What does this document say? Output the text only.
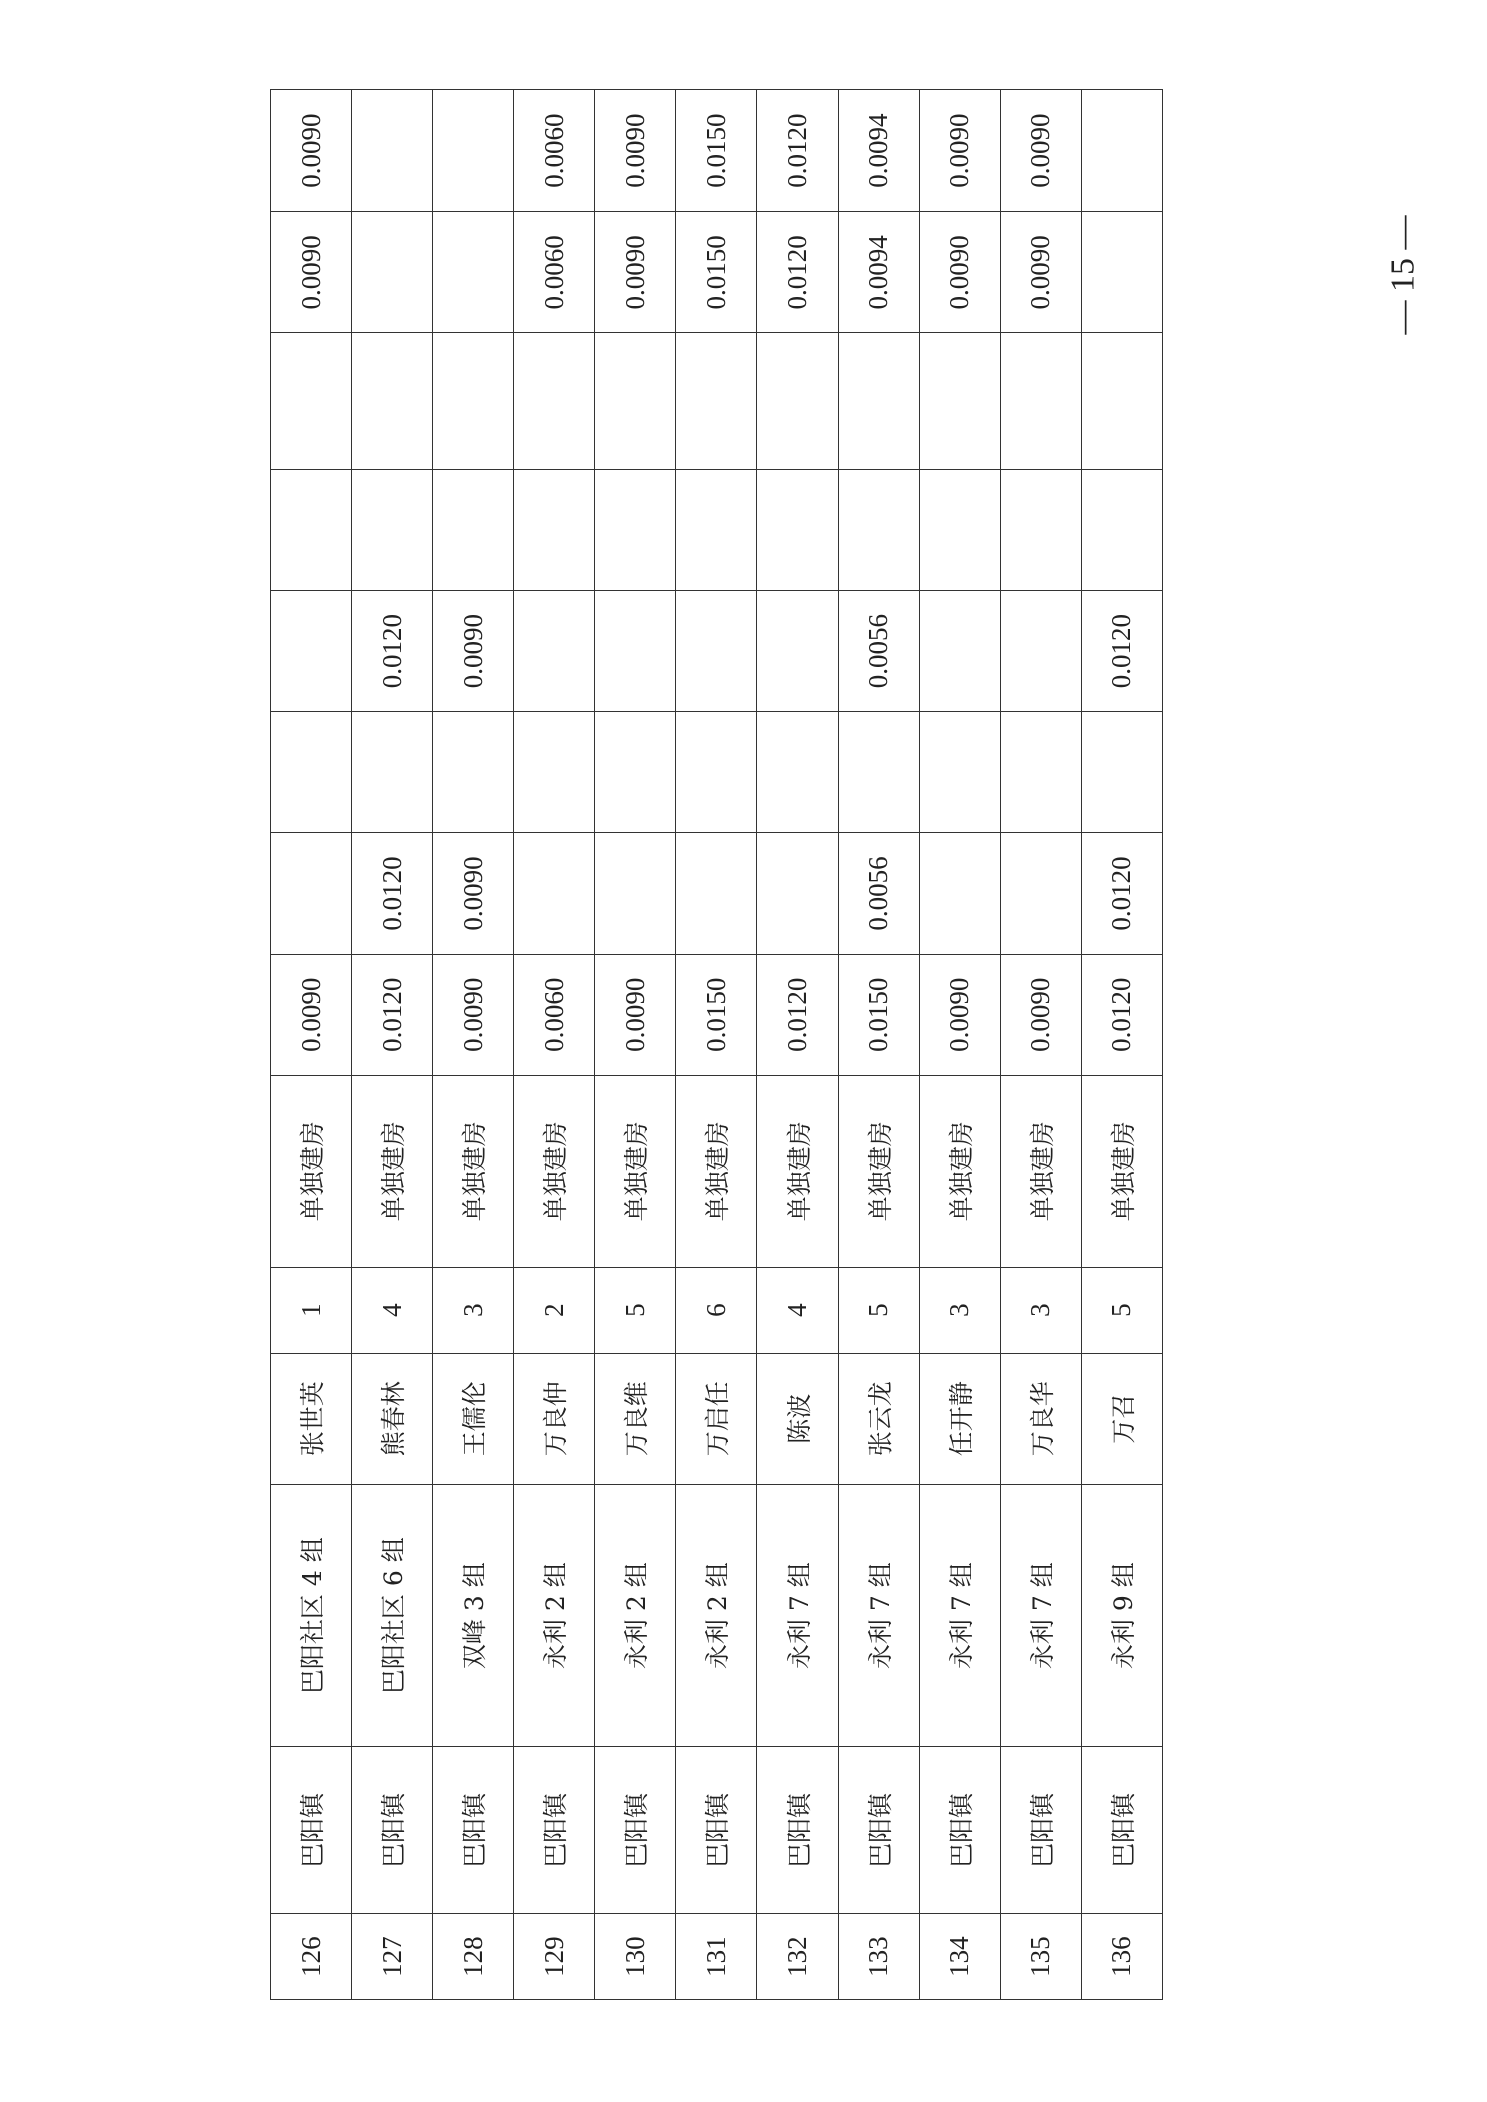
126	巴阳镇	巴阳社区 4 组	张世英	1	单独建房	0.0090						0.0090	0.0090
127	巴阳镇	巴阳社区 6 组	熊春林	4	单独建房	0.0120	0.0120		0.0120				
128	巴阳镇	双峰 3 组	王儒伦	3	单独建房	0.0090	0.0090		0.0090				
129	巴阳镇	永利 2 组	万良仲	2	单独建房	0.0060						0.0060	0.0060
130	巴阳镇	永利 2 组	万良维	5	单独建房	0.0090						0.0090	0.0090
131	巴阳镇	永利 2 组	万启任	6	单独建房	0.0150						0.0150	0.0150
132	巴阳镇	永利 7 组	陈波	4	单独建房	0.0120						0.0120	0.0120
133	巴阳镇	永利 7 组	张云龙	5	单独建房	0.0150	0.0056		0.0056			0.0094	0.0094
134	巴阳镇	永利 7 组	任开静	3	单独建房	0.0090						0.0090	0.0090
135	巴阳镇	永利 7 组	万良华	3	单独建房	0.0090						0.0090	0.0090
136	巴阳镇	永利 9 组	万召	5	单独建房	0.0120	0.0120		0.0120				
— 15 —
